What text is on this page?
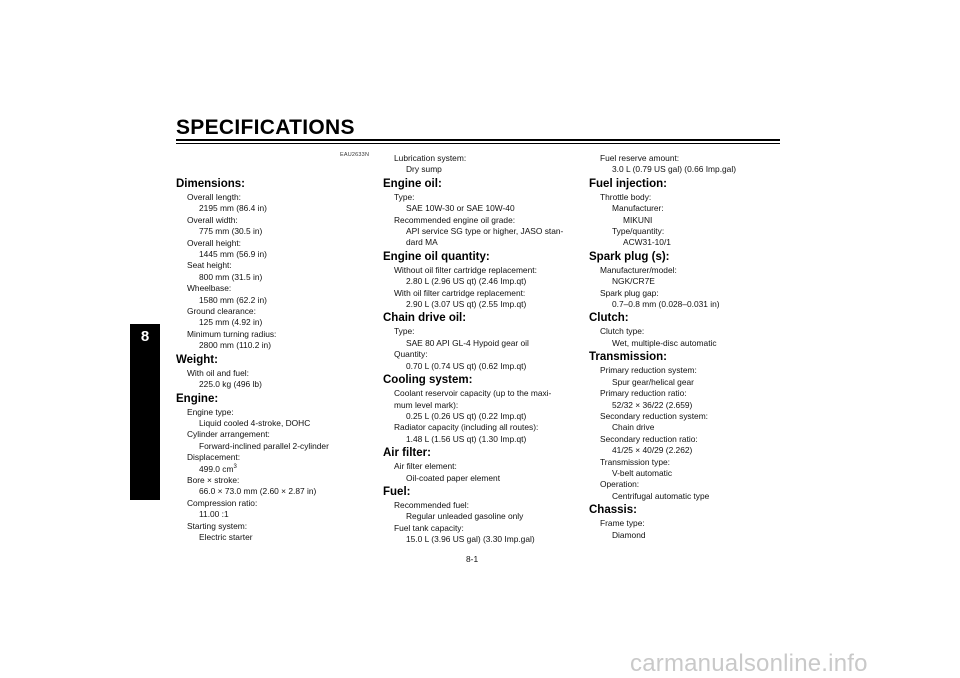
SPECIFICATIONS
8
EAU2633N
Dimensions:
Overall length:
2195 mm (86.4 in)
Overall width:
775 mm (30.5 in)
Overall height:
1445 mm (56.9 in)
Seat height:
800 mm (31.5 in)
Wheelbase:
1580 mm (62.2 in)
Ground clearance:
125 mm (4.92 in)
Minimum turning radius:
2800 mm (110.2 in)
Weight:
With oil and fuel:
225.0 kg (496 lb)
Engine:
Engine type:
Liquid cooled 4-stroke, DOHC
Cylinder arrangement:
Forward-inclined parallel 2-cylinder
Displacement:
499.0 $cm^3$
Bore × stroke:
66.0 × 73.0 mm (2.60 × 2.87 in)
Compression ratio:
11.00 :1
Starting system:
Electric starter
Lubrication system:
Dry sump
Engine oil:
Type:
SAE 10W-30 or SAE 10W-40
Recommended engine oil grade:
API service SG type or higher, JASO stan-
dard MA
Engine oil quantity:
Without oil filter cartridge replacement:
2.80 L (2.96 US qt) (2.46 Imp.qt)
With oil filter cartridge replacement:
2.90 L (3.07 US qt) (2.55 Imp.qt)
Chain drive oil:
Type:
SAE 80 API GL-4 Hypoid gear oil
Quantity:
0.70 L (0.74 US qt) (0.62 Imp.qt)
Cooling system:
Coolant reservoir capacity (up to the maxi-
mum level mark):
0.25 L (0.26 US qt) (0.22 Imp.qt)
Radiator capacity (including all routes):
1.48 L (1.56 US qt) (1.30 Imp.qt)
Air filter:
Air filter element:
Oil-coated paper element
Fuel:
Recommended fuel:
Regular unleaded gasoline only
Fuel tank capacity:
15.0 L (3.96 US gal) (3.30 Imp.gal)
Fuel reserve amount:
3.0 L (0.79 US gal) (0.66 Imp.gal)
Fuel injection:
Throttle body:
Manufacturer:
MIKUNI
Type/quantity:
ACW31-10/1
Spark plug (s):
Manufacturer/model:
NGK/CR7E
Spark plug gap:
0.7–0.8 mm (0.028–0.031 in)
Clutch:
Clutch type:
Wet, multiple-disc automatic
Transmission:
Primary reduction system:
Spur gear/helical gear
Primary reduction ratio:
52/32 × 36/22 (2.659)
Secondary reduction system:
Chain drive
Secondary reduction ratio:
41/25 × 40/29 (2.262)
Transmission type:
V-belt automatic
Operation:
Centrifugal automatic type
Chassis:
Frame type:
Diamond
8-1
carmanualsonline.info
